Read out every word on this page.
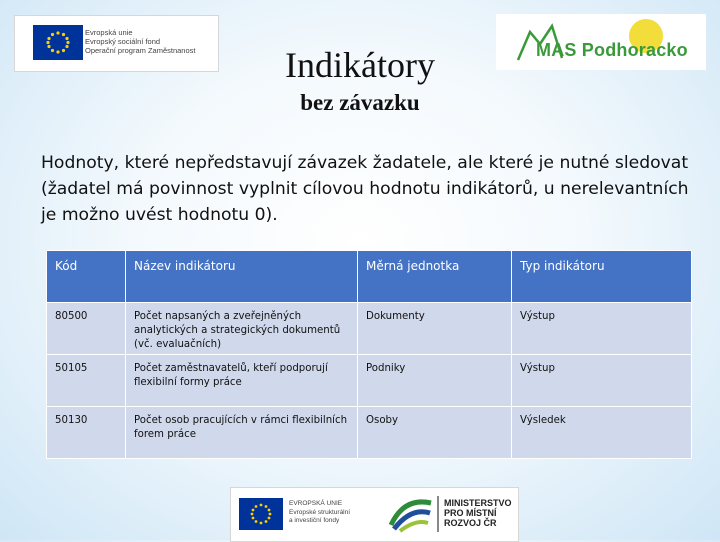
Evropská unie
Evropský sociální fond
Operační program Zaměstnanost	MAS Podhoracko
Indikátory
bez závazku
Hodnoty, které nepředstavují závazek žadatele, ale které je nutné sledovat (žadatel má povinnost vyplnit cílovou hodnotu indikátorů, u nerelevantních je možno uvést hodnotu 0).
Kód	Název indikátoru	Měrná jednotka	Typ indikátoru
80500	Počet napsaných a zveřejněných analytických a strategických dokumentů (vč. evaluačních)	Dokumenty	Výstup
50105	Počet zaměstnavatelů, kteří podporují flexibilní formy práce	Podniky	Výstup
50130	Počet osob pracujících v rámci flexibilních forem práce	Osoby	Výsledek
EVROPSKÁ UNIE
Evropské strukturální
a investiční fondy
MINISTERSTVO
PRO MÍSTNÍ
ROZVOJ ČR
